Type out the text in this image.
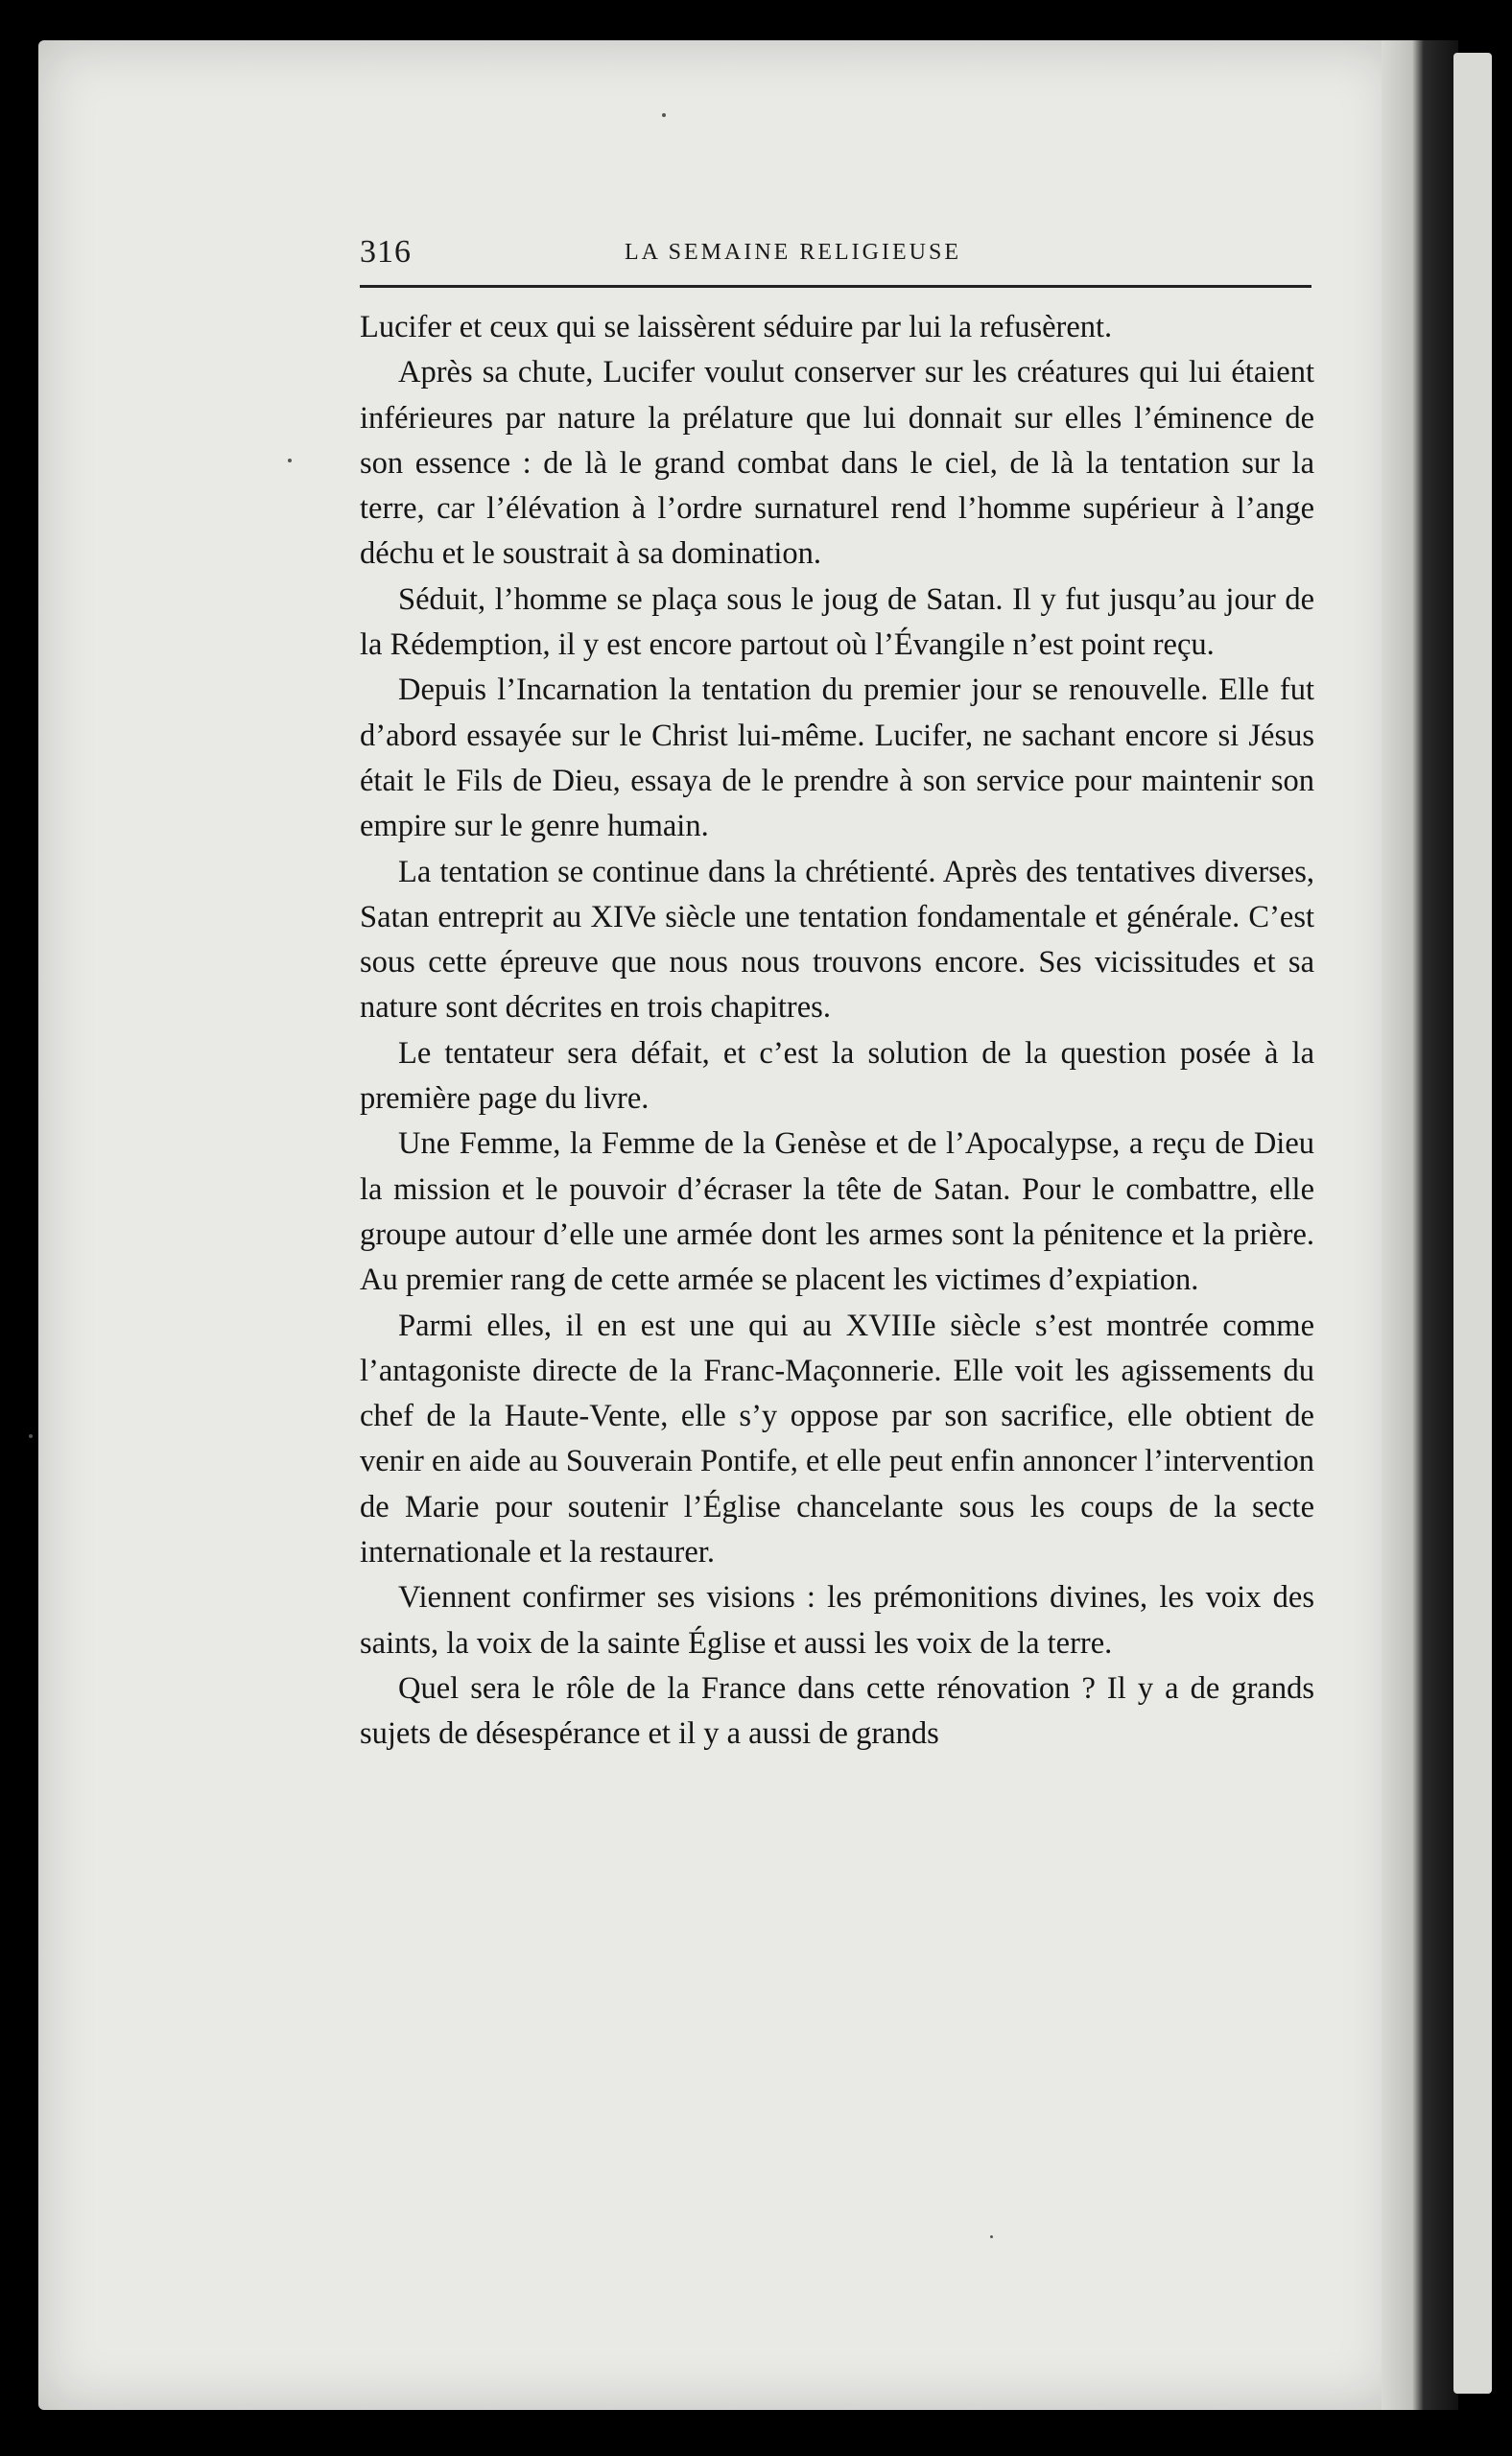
316	LA SEMAINE RELIGIEUSE

Lucifer et ceux qui se laissèrent séduire par lui la refusèrent.

Après sa chute, Lucifer voulut conserver sur les créatures qui lui étaient inférieures par nature la prélature que lui donnait sur elles l’éminence de son essence : de là le grand combat dans le ciel, de là la tentation sur la terre, car l’élévation à l’ordre surnaturel rend l’homme supérieur à l’ange déchu et le soustrait à sa domination.

Séduit, l’homme se plaça sous le joug de Satan. Il y fut jusqu’au jour de la Rédemption, il y est encore partout où l’Évangile n’est point reçu.

Depuis l’Incarnation la tentation du premier jour se renouvelle. Elle fut d’abord essayée sur le Christ lui-même. Lucifer, ne sachant encore si Jésus était le Fils de Dieu, essaya de le prendre à son service pour maintenir son empire sur le genre humain.

La tentation se continue dans la chrétienté. Après des tentatives diverses, Satan entreprit au XIVe siècle une tentation fondamentale et générale. C’est sous cette épreuve que nous nous trouvons encore. Ses vicissitudes et sa nature sont décrites en trois chapitres.

Le tentateur sera défait, et c’est la solution de la question posée à la première page du livre.

Une Femme, la Femme de la Genèse et de l’Apocalypse, a reçu de Dieu la mission et le pouvoir d’écraser la tête de Satan. Pour le combattre, elle groupe autour d’elle une armée dont les armes sont la pénitence et la prière. Au premier rang de cette armée se placent les victimes d’expiation.

Parmi elles, il en est une qui au XVIIIe siècle s’est montrée comme l’antagoniste directe de la Franc-Maçonnerie. Elle voit les agissements du chef de la Haute-Vente, elle s’y oppose par son sacrifice, elle obtient de venir en aide au Souverain Pontife, et elle peut enfin annoncer l’intervention de Marie pour soutenir l’Église chancelante sous les coups de la secte internationale et la restaurer.

Viennent confirmer ses visions : les prémonitions divines, les voix des saints, la voix de la sainte Église et aussi les voix de la terre.

Quel sera le rôle de la France dans cette rénovation ? Il y a de grands sujets de désespérance et il y a aussi de grands
